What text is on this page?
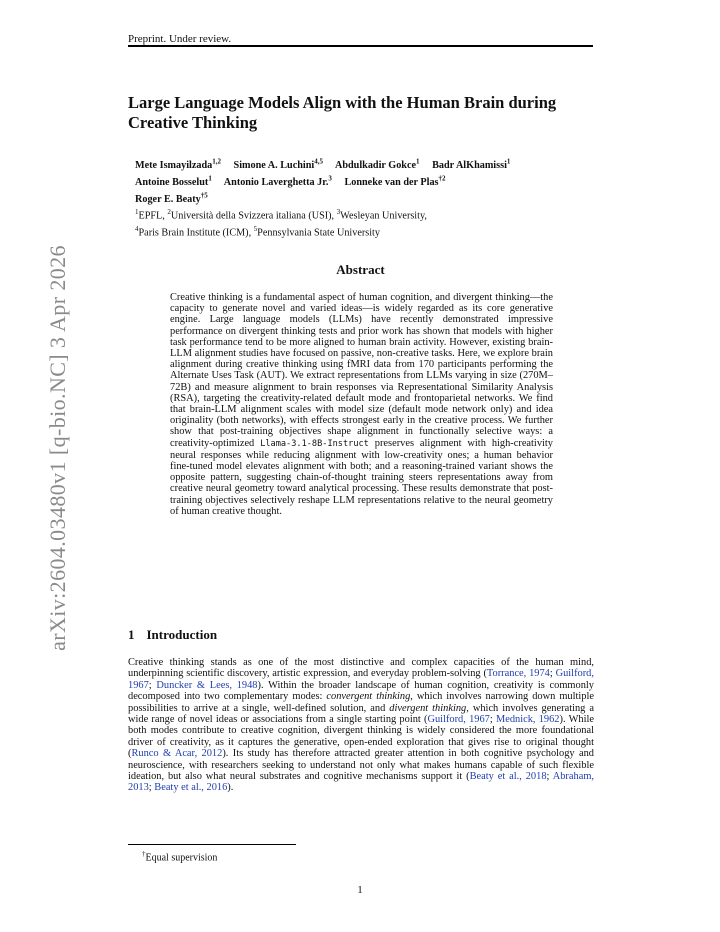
Preprint. Under review.
Large Language Models Align with the Human Brain during Creative Thinking
Mete Ismayilzada$^{1,2}$ Simone A. Luchini$^{4,5}$ Abdulkadir Gokce$^1$ Badr AlKhamissi$^1$
Antoine Bosselut$^1$ Antonio Laverghetta Jr.$^3$ Lonneke van der Plas$^{\dagger 2}$
Roger E. Beaty$^{\dagger 5}$
$^1$EPFL, $^2$Università della Svizzera italiana (USI), $^3$Wesleyan University,
$^4$Paris Brain Institute (ICM), $^5$Pennsylvania State University
arXiv:2604.03480v1 [q-bio.NC] 3 Apr 2026	Abstract
Creative thinking is a fundamental aspect of human cognition, and divergent thinking—the capacity to generate novel and varied ideas—is widely regarded as its core generative engine. Large language models (LLMs) have recently demonstrated impressive performance on divergent thinking tests and prior work has shown that models with higher task performance tend to be more aligned to human brain activity. However, existing brain-LLM alignment studies have focused on passive, non-creative tasks. Here, we explore brain alignment during creative thinking using fMRI data from 170 participants performing the Alternate Uses Task (AUT). We extract representations from LLMs varying in size (270M–72B) and measure alignment to brain responses via Representational Similarity Analysis (RSA), targeting the creativity-related default mode and frontoparietal networks. We find that brain-LLM alignment scales with model size (default mode network only) and idea originality (both networks), with effects strongest early in the creative process. We further show that post-training objectives shape alignment in functionally selective ways: a creativity-optimized Llama-3.1-8B-Instruct preserves alignment with high-creativity neural responses while reducing alignment with low-creativity ones; a human behavior fine-tuned model elevates alignment with both; and a reasoning-trained variant shows the opposite pattern, suggesting chain-of-thought training steers representations away from creative neural geometry toward analytical processing. These results demonstrate that post-training objectives selectively reshape LLM representations relative to the neural geometry of human creative thought.
1 Introduction
Creative thinking stands as one of the most distinctive and complex capacities of the human mind, underpinning scientific discovery, artistic expression, and everyday problem-solving (Torrance, 1974; Guilford, 1967; Duncker & Lees, 1948). Within the broader landscape of human cognition, creativity is commonly decomposed into two complementary modes: convergent thinking, which involves narrowing down multiple possibilities to arrive at a single, well-defined solution, and divergent thinking, which involves generating a wide range of novel ideas or associations from a single starting point (Guilford, 1967; Mednick, 1962). While both modes contribute to creative cognition, divergent thinking is widely considered the more foundational driver of creativity, as it captures the generative, open-ended exploration that gives rise to original thought (Runco & Acar, 2012). Its study has therefore attracted greater attention in both cognitive psychology and neuroscience, with researchers seeking to understand not only what makes humans capable of such flexible ideation, but also what neural substrates and cognitive mechanisms support it (Beaty et al., 2018; Abraham, 2013; Beaty et al., 2016).
†Equal supervision
1
